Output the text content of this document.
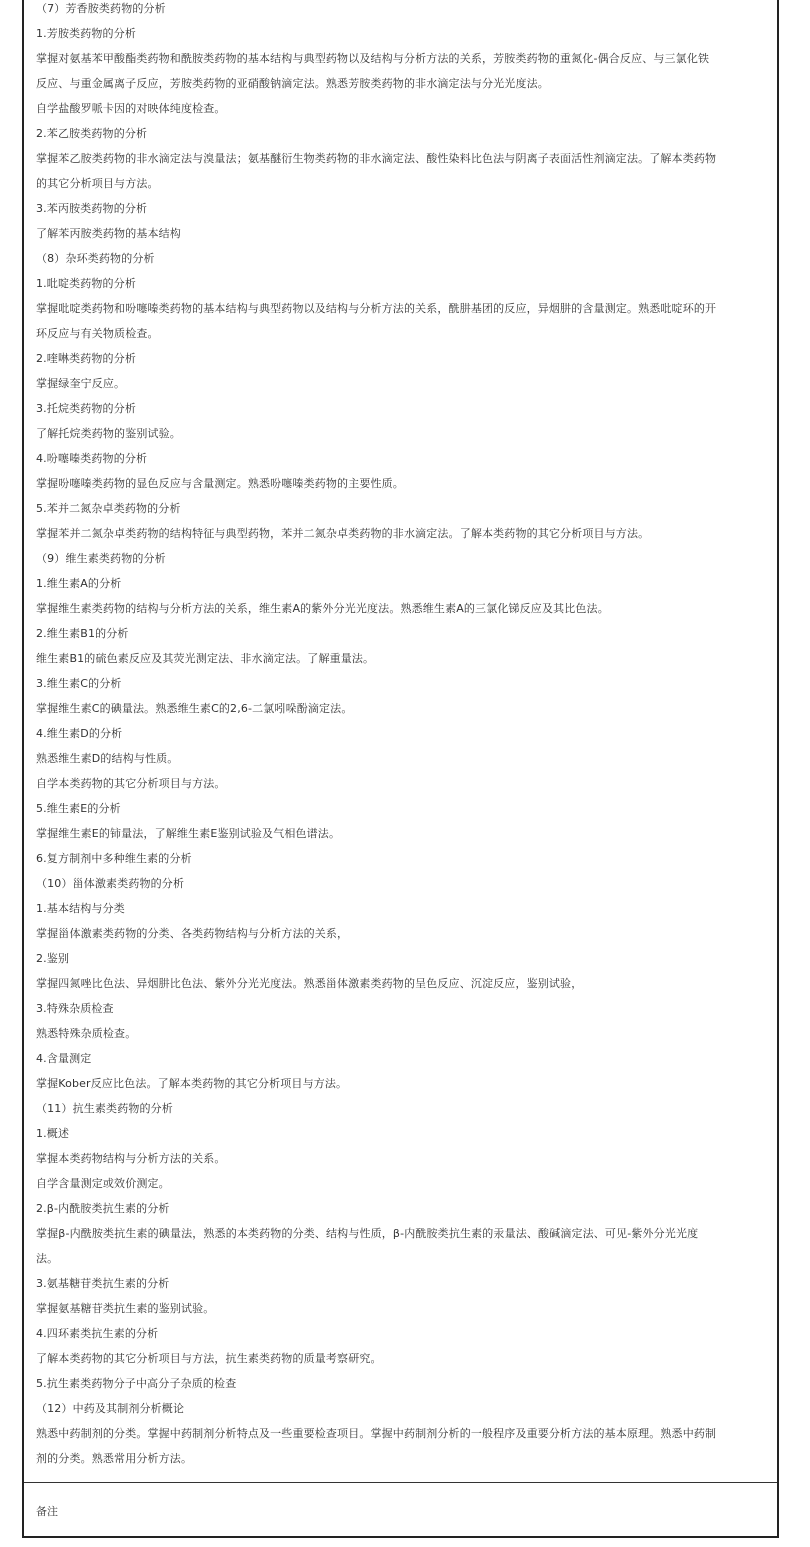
（7）芳香胺类药物的分析
1.芳胺类药物的分析
掌握对氨基苯甲酸酯类药物和酰胺类药物的基本结构与典型药物以及结构与分析方法的关系，芳胺类药物的重氮化-偶合反应、与三氯化铁
反应、与重金属离子反应，芳胺类药物的亚硝酸钠滴定法。熟悉芳胺类药物的非水滴定法与分光光度法。
自学盐酸罗哌卡因的对映体纯度检查。
2.苯乙胺类药物的分析
掌握苯乙胺类药物的非水滴定法与溴量法；氨基醚衍生物类药物的非水滴定法、酸性染料比色法与阴离子表面活性剂滴定法。了解本类药物
的其它分析项目与方法。
3.苯丙胺类药物的分析
了解苯丙胺类药物的基本结构
（8）杂环类药物的分析
1.吡啶类药物的分析
掌握吡啶类药物和吩噻嗪类药物的基本结构与典型药物以及结构与分析方法的关系，酰肼基团的反应，异烟肼的含量测定。熟悉吡啶环的开
环反应与有关物质检查。
2.喹啉类药物的分析
掌握绿奎宁反应。
3.托烷类药物的分析
了解托烷类药物的鉴别试验。
4.吩噻嗪类药物的分析
掌握吩噻嗪类药物的显色反应与含量测定。熟悉吩噻嗪类药物的主要性质。
5.苯并二氮杂卓类药物的分析
掌握苯并二氮杂卓类药物的结构特征与典型药物，苯并二氮杂卓类药物的非水滴定法。了解本类药物的其它分析项目与方法。
（9）维生素类药物的分析
1.维生素A的分析
掌握维生素类药物的结构与分析方法的关系，维生素A的紫外分光光度法。熟悉维生素A的三氯化锑反应及其比色法。
2.维生素B1的分析
维生素B1的硫色素反应及其荧光测定法、非水滴定法。了解重量法。
3.维生素C的分析
掌握维生素C的碘量法。熟悉维生素C的2,6-二氯吲哚酚滴定法。
4.维生素D的分析
熟悉维生素D的结构与性质。
自学本类药物的其它分析项目与方法。
5.维生素E的分析
掌握维生素E的铈量法，了解维生素E鉴别试验及气相色谱法。
6.复方制剂中多种维生素的分析
（10）甾体激素类药物的分析
1.基本结构与分类
掌握甾体激素类药物的分类、各类药物结构与分析方法的关系，
2.鉴别
掌握四氮唑比色法、异烟肼比色法、紫外分光光度法。熟悉甾体激素类药物的呈色反应、沉淀反应，鉴别试验，
3.特殊杂质检查
熟悉特殊杂质检查。
4.含量测定
掌握Kober反应比色法。了解本类药物的其它分析项目与方法。
（11）抗生素类药物的分析
1.概述
掌握本类药物结构与分析方法的关系。
自学含量测定或效价测定。
2.β-内酰胺类抗生素的分析
掌握β-内酰胺类抗生素的碘量法，熟悉的本类药物的分类、结构与性质，β-内酰胺类抗生素的汞量法、酸碱滴定法、可见-紫外分光光度
法。
3.氨基糖苷类抗生素的分析
掌握氨基糖苷类抗生素的鉴别试验。
4.四环素类抗生素的分析
了解本类药物的其它分析项目与方法，抗生素类药物的质量考察研究。
5.抗生素类药物分子中高分子杂质的检查
（12）中药及其制剂分析概论
熟悉中药制剂的分类。掌握中药制剂分析特点及一些重要检查项目。掌握中药制剂分析的一般程序及重要分析方法的基本原理。熟悉中药制
剂的分类。熟悉常用分析方法。
备注
